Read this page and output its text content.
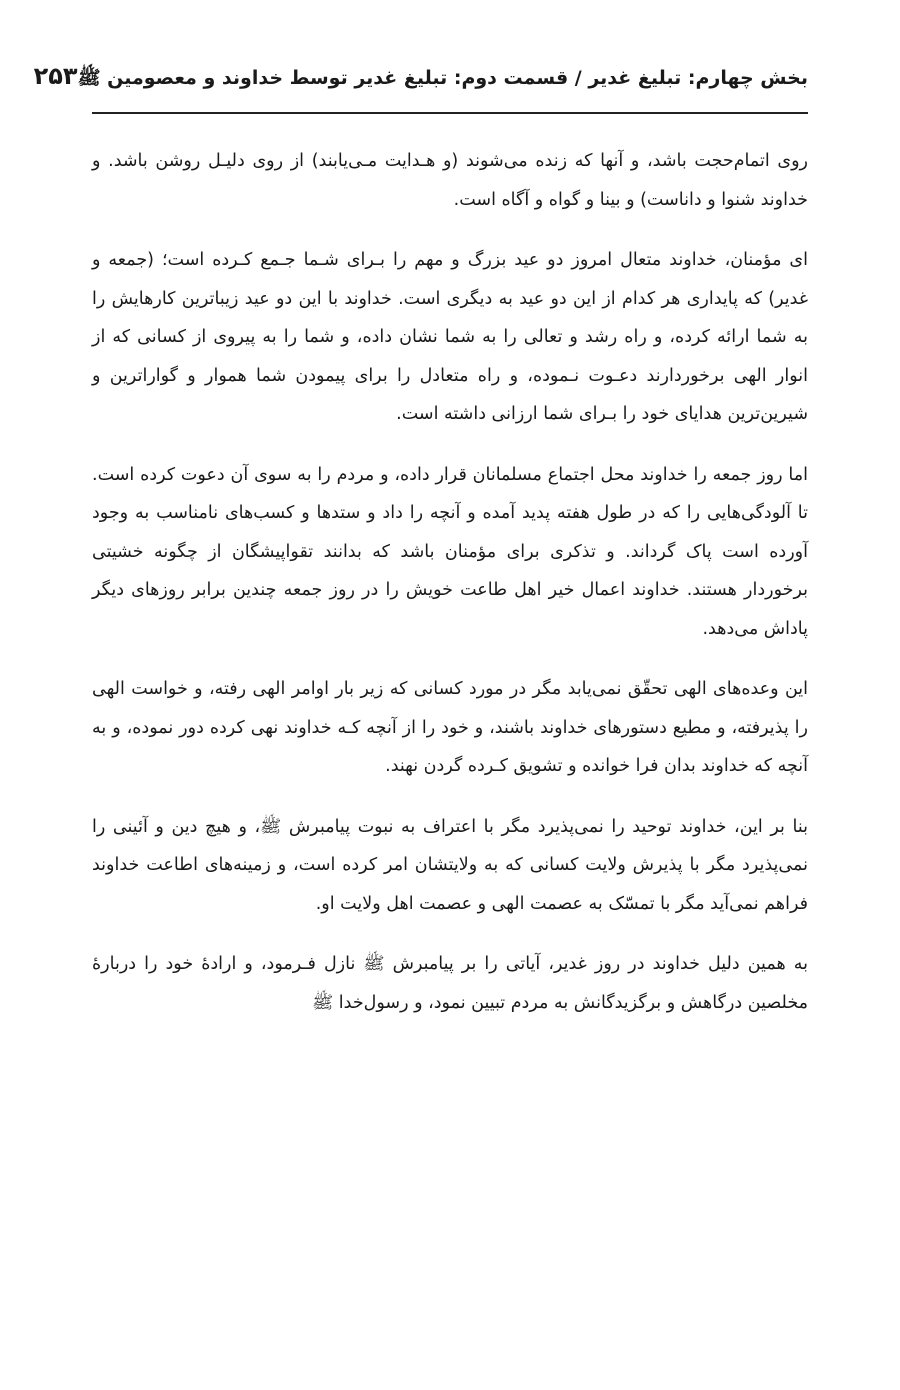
بخش چهارم: تبلیغ غدیر / قسمت دوم: تبلیغ غدیر توسط خداوند و معصومین ﷺ
۲۵۳

روی اتمام‌حجت باشد، و آنها که زنده می‌شوند (و هـدایت مـی‌یابند) از روی دلیـل روشن باشد. و خداوند شنوا و داناست) و بینا و گواه و آگاه است.

ای مؤمنان، خداوند متعال امروز دو عید بزرگ و مهم را بـرای شـما جـمع کـرده است؛ (جمعه و غدیر) که پایداری هر کدام از این دو عید به دیگری است. خداوند با این دو عید زیباترین کارهایش را به شما ارائه کرده، و راه رشد و تعالی را به شما نشان داده، و شما را به پیروی از کسانی که از انوار الهی برخوردارند دعـوت نـموده، و راه متعادل را برای پیمودن شما هموار و گواراترین و شیرین‌ترین هدایای خود را بـرای شما ارزانی داشته است.

اما روز جمعه را خداوند محل اجتماع مسلمانان قرار داده، و مردم را به سوی آن دعوت کرده است. تا آلودگی‌هایی را که در طول هفته پدید آمده و آنچه را داد و ستدها و کسب‌های نامناسب به وجود آورده است پاک گرداند. و تذکری برای مؤمنان باشد که بدانند تقواپیشگان از چگونه خشیتی برخوردار هستند. خداوند اعمال خیر اهل طاعت خویش را در روز جمعه چندین برابر روزهای دیگر پاداش می‌دهد.

این وعده‌های الهی تحقّق نمی‌یابد مگر در مورد کسانی که زیر بار اوامر الهی رفته، و خواست الهی را پذیرفته، و مطیع دستورهای خداوند باشند، و خود را از آنچه کـه خداوند نهی کرده دور نموده، و به آنچه که خداوند بدان فرا خوانده و تشویق کـرده گردن نهند.

بنا بر این، خداوند توحید را نمی‌پذیرد مگر با اعتراف به نبوت پیامبرش ﷺ، و هیچ دین و آئینی را نمی‌پذیرد مگر با پذیرش ولایت کسانی که به ولایتشان امر کرده است، و زمینه‌های اطاعت خداوند فراهم نمی‌آید مگر با تمسّک به عصمت الهی و عصمت اهل ولایت او.

به همین دلیل خداوند در روز غدیر، آیاتی را بر پیامبرش ﷺ نازل فـرمود، و ارادۀ خود را دربارۀ مخلصین درگاهش و برگزیدگانش به مردم تبیین نمود، و رسول‌خدا ﷺ
